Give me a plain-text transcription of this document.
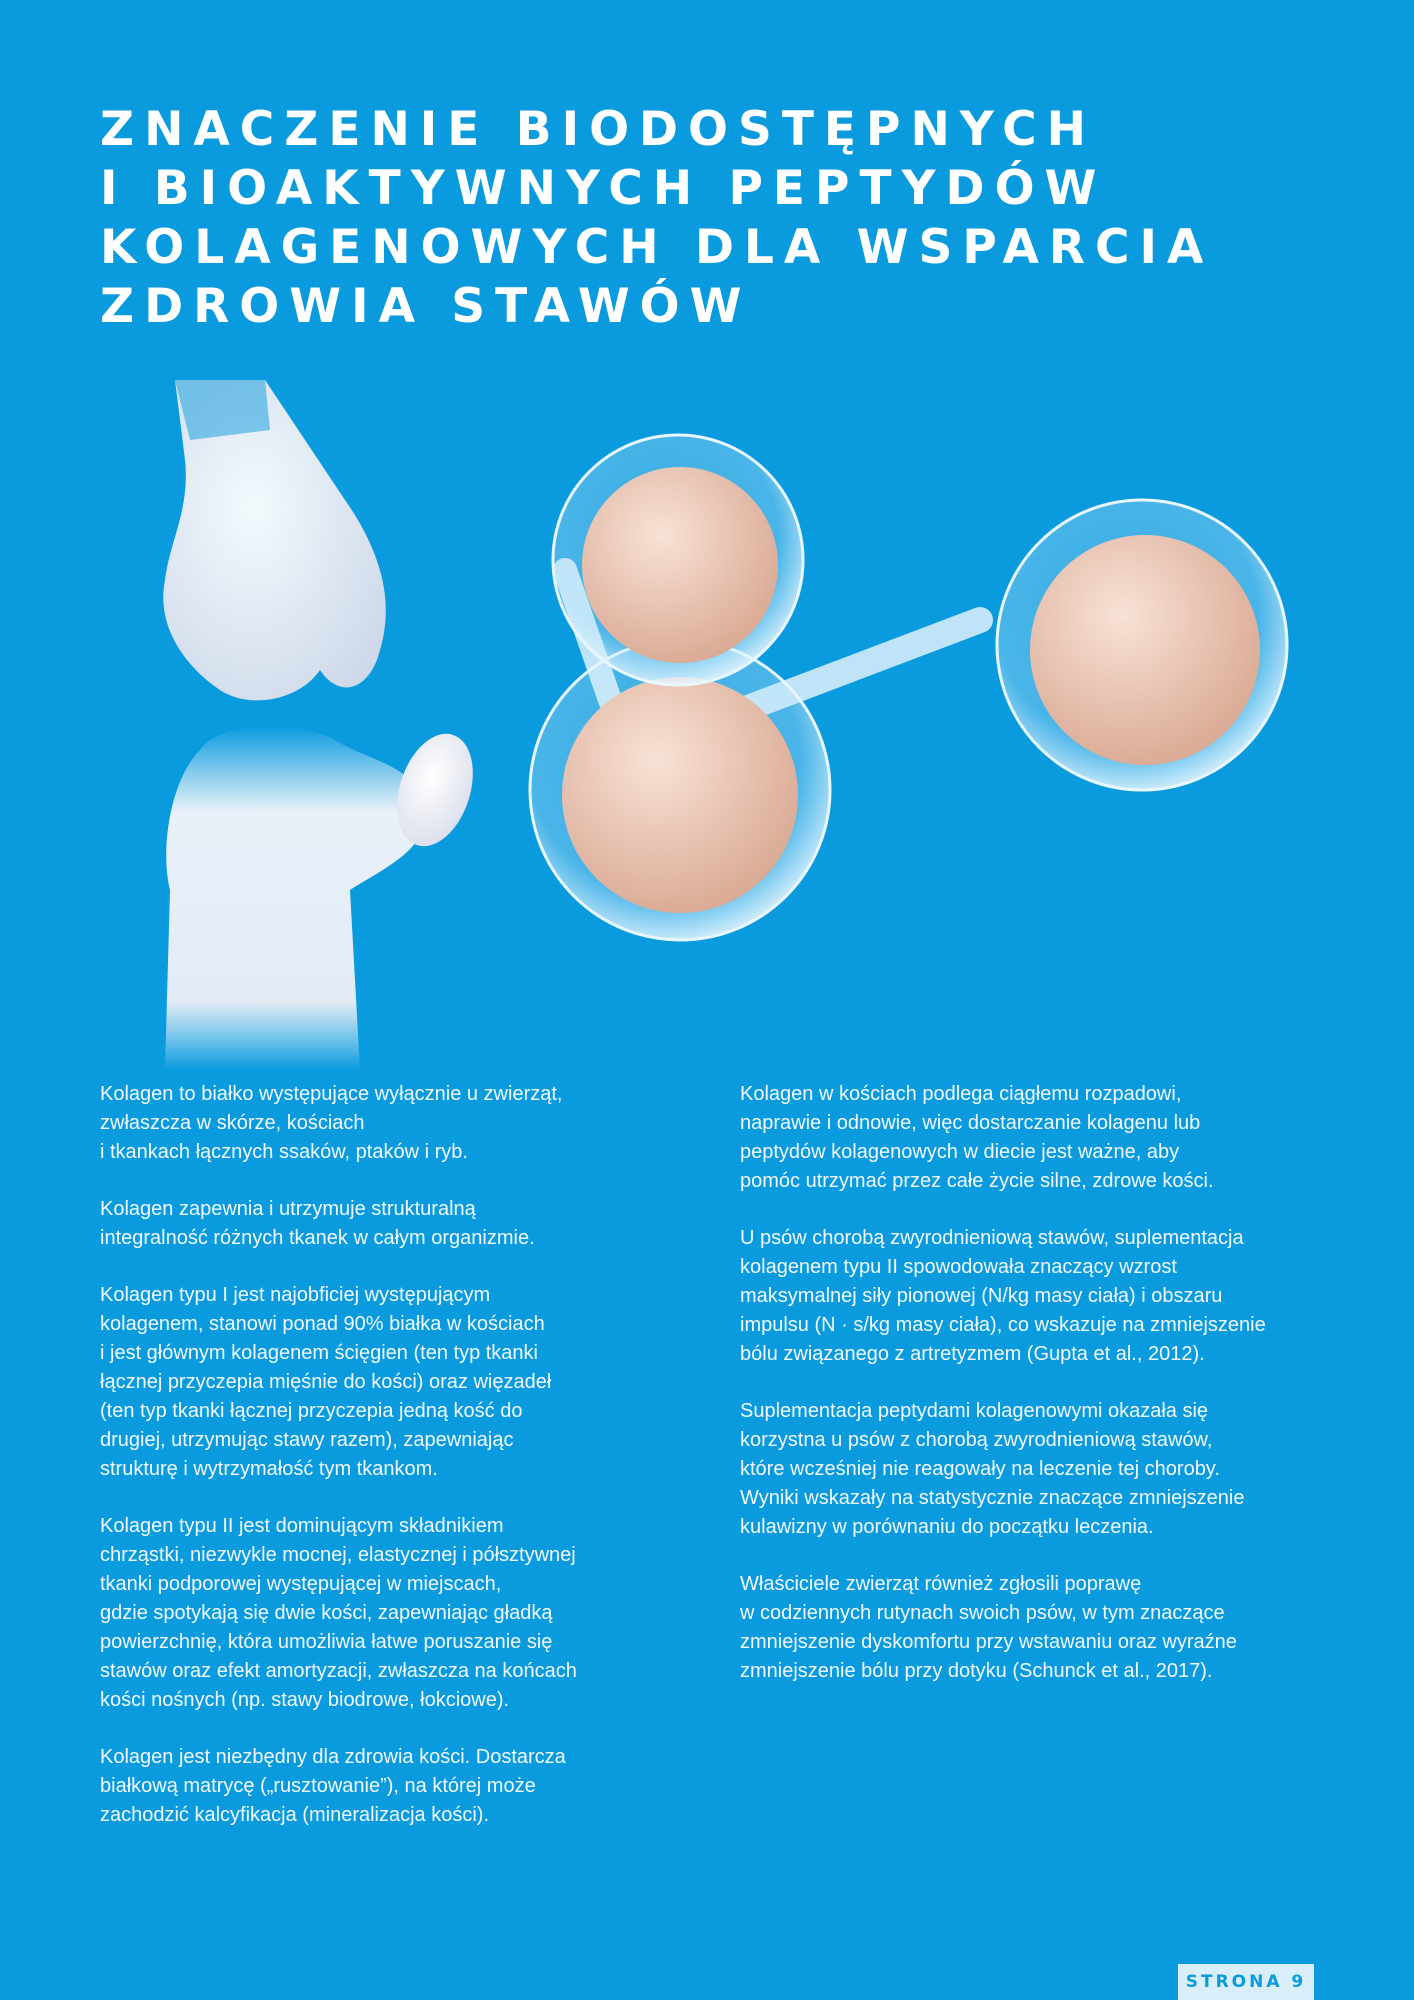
ZNACZENIE BIODOSTĘPNYCH
I BIOAKTYWNYCH PEPTYDÓW
KOLAGENOWYCH DLA WSPARCIA
ZDROWIA STAWÓW

Kolagen to białko występujące wyłącznie u zwierząt,
zwłaszcza w skórze, kościach
i tkankach łącznych ssaków, ptaków i ryb.

Kolagen zapewnia i utrzymuje strukturalną
integralność różnych tkanek w całym organizmie.

Kolagen typu I jest najobficiej występującym
kolagenem, stanowi ponad 90% białka w kościach
i jest głównym kolagenem ścięgien (ten typ tkanki
łącznej przyczepia mięśnie do kości) oraz więzadeł
(ten typ tkanki łącznej przyczepia jedną kość do
drugiej, utrzymując stawy razem), zapewniając
strukturę i wytrzymałość tym tkankom.

Kolagen typu II jest dominującym składnikiem
chrząstki, niezwykle mocnej, elastycznej i półsztywnej
tkanki podporowej występującej w miejscach,
gdzie spotykają się dwie kości, zapewniając gładką
powierzchnię, która umożliwia łatwe poruszanie się
stawów oraz efekt amortyzacji, zwłaszcza na końcach
kości nośnych (np. stawy biodrowe, łokciowe).

Kolagen jest niezbędny dla zdrowia kości. Dostarcza
białkową matrycę („rusztowanie”), na której może
zachodzić kalcyfikacja (mineralizacja kości).

Kolagen w kościach podlega ciągłemu rozpadowi,
naprawie i odnowie, więc dostarczanie kolagenu lub
peptydów kolagenowych w diecie jest ważne, aby
pomóc utrzymać przez całe życie silne, zdrowe kości.

U psów chorobą zwyrodnieniową stawów, suplementacja
kolagenem typu II spowodowała znaczący wzrost
maksymalnej siły pionowej (N/kg masy ciała) i obszaru
impulsu (N · s/kg masy ciała), co wskazuje na zmniejszenie
bólu związanego z artretyzmem (Gupta et al., 2012).

Suplementacja peptydami kolagenowymi okazała się
korzystna u psów z chorobą zwyrodnieniową stawów,
które wcześniej nie reagowały na leczenie tej choroby.
Wyniki wskazały na statystycznie znaczące zmniejszenie
kulawizny w porównaniu do początku leczenia.

Właściciele zwierząt również zgłosili poprawę
w codziennych rutynach swoich psów, w tym znaczące
zmniejszenie dyskomfortu przy wstawaniu oraz wyraźne
zmniejszenie bólu przy dotyku (Schunck et al., 2017).

STRONA 9
